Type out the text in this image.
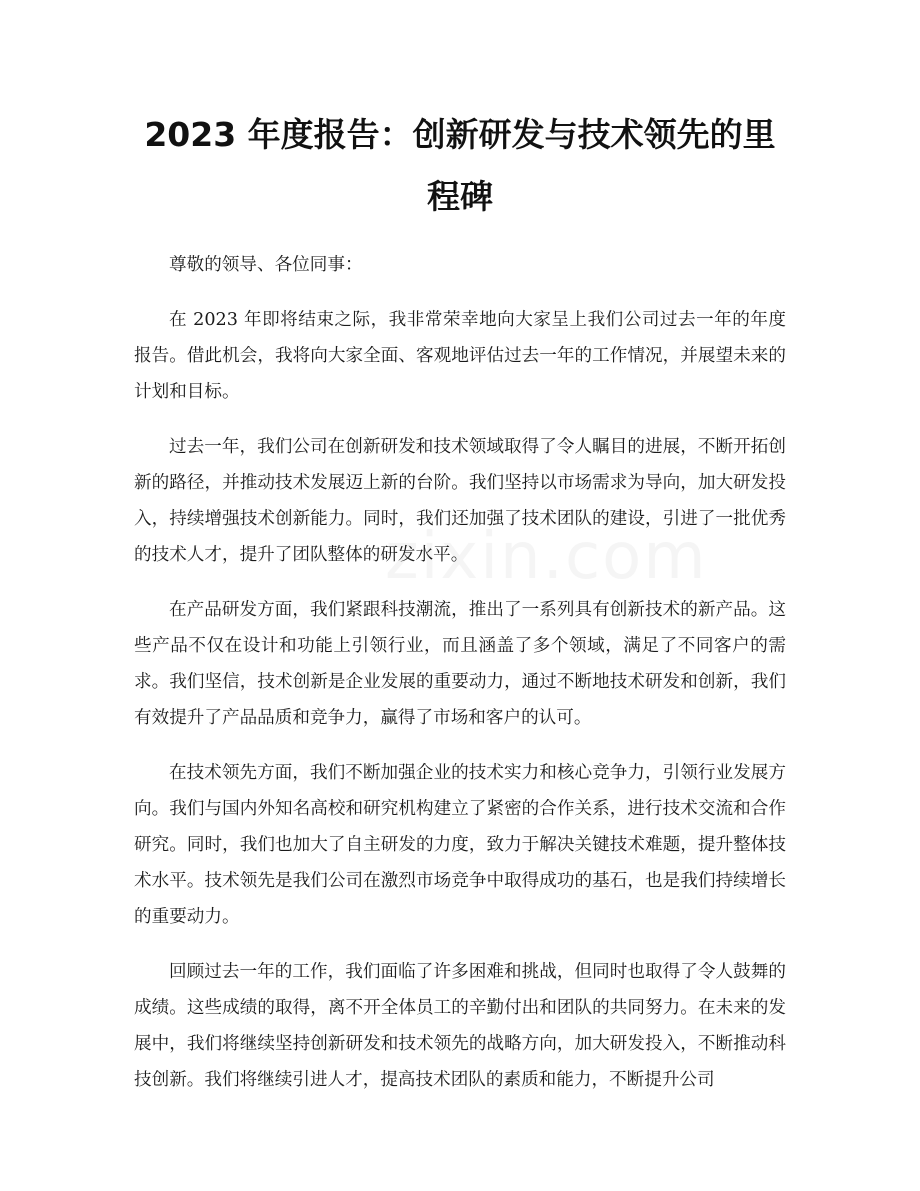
2023 年度报告：创新研发与技术领先的里程碑
zixin.com

尊敬的领导、各位同事：

在 2023 年即将结束之际，我非常荣幸地向大家呈上我们公司过去一年的年度报告。借此机会，我将向大家全面、客观地评估过去一年的工作情况，并展望未来的计划和目标。

过去一年，我们公司在创新研发和技术领域取得了令人瞩目的进展，不断开拓创新的路径，并推动技术发展迈上新的台阶。我们坚持以市场需求为导向，加大研发投入，持续增强技术创新能力。同时，我们还加强了技术团队的建设，引进了一批优秀的技术人才，提升了团队整体的研发水平。

在产品研发方面，我们紧跟科技潮流，推出了一系列具有创新技术的新产品。这些产品不仅在设计和功能上引领行业，而且涵盖了多个领域，满足了不同客户的需求。我们坚信，技术创新是企业发展的重要动力，通过不断地技术研发和创新，我们有效提升了产品品质和竞争力，赢得了市场和客户的认可。

在技术领先方面，我们不断加强企业的技术实力和核心竞争力，引领行业发展方向。我们与国内外知名高校和研究机构建立了紧密的合作关系，进行技术交流和合作研究。同时，我们也加大了自主研发的力度，致力于解决关键技术难题，提升整体技术水平。技术领先是我们公司在激烈市场竞争中取得成功的基石，也是我们持续增长的重要动力。

回顾过去一年的工作，我们面临了许多困难和挑战，但同时也取得了令人鼓舞的成绩。这些成绩的取得，离不开全体员工的辛勤付出和团队的共同努力。在未来的发展中，我们将继续坚持创新研发和技术领先的战略方向，加大研发投入，不断推动科技创新。我们将继续引进人才，提高技术团队的素质和能力，不断提升公司
